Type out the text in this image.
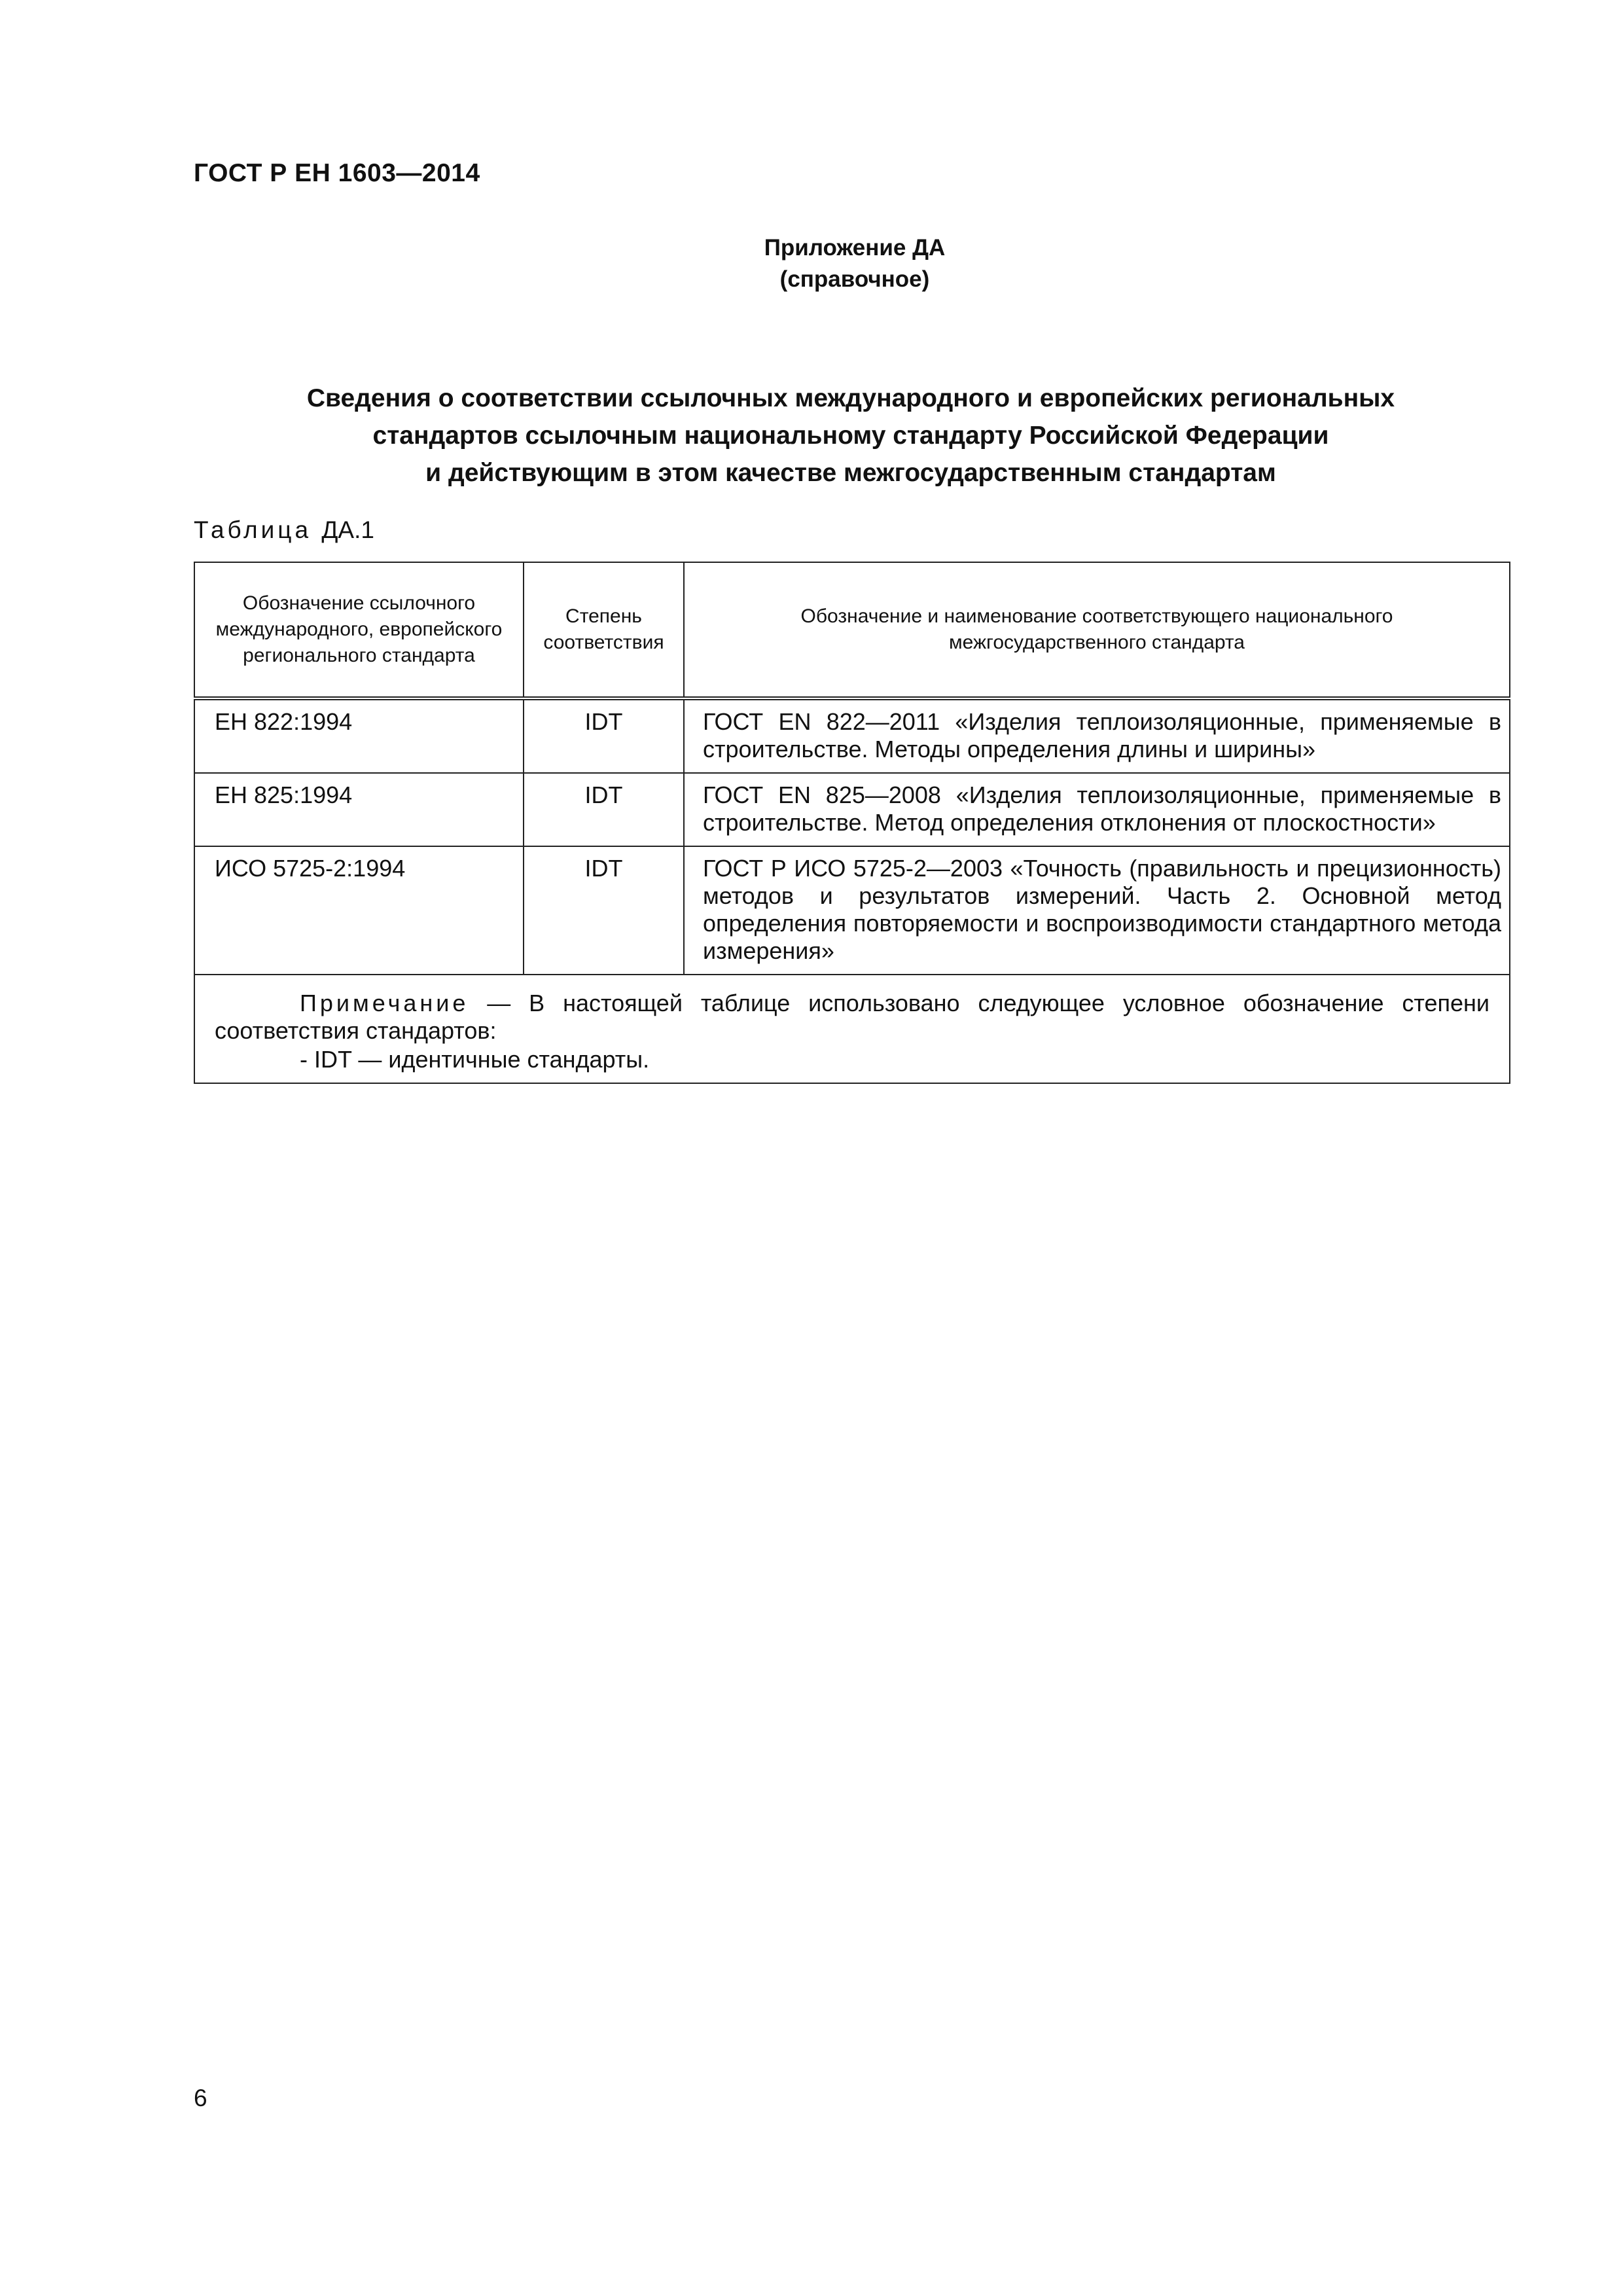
ГОСТ Р ЕН 1603—2014
Приложение ДА
(справочное)
Сведения о соответствии ссылочных международного и европейских региональных
стандартов ссылочным национальному стандарту Российской Федерации
и действующим в этом качестве межгосударственным стандартам
Таблица ДА.1
Обозначение ссылочного международного, европейского регионального стандарта	Степень соответствия	Обозначение и наименование соответствующего национального межгосударственного стандарта
ЕН 822:1994	IDT	ГОСТ EN 822—2011 «Изделия теплоизоляционные, применяемые в строительстве. Методы определения длины и ширины»
ЕН 825:1994	IDT	ГОСТ EN 825—2008 «Изделия теплоизоляционные, применяемые в строительстве. Метод определения отклонения от плоскостности»
ИСО 5725-2:1994	IDT	ГОСТ Р ИСО 5725-2—2003 «Точность (правильность и прецизионность) методов и результатов измерений. Часть 2. Основной метод определения повторяемости и воспроизводимости стандартного метода измерения»

Примечание — В настоящей таблице использовано следующее условное обозначение степени соответствия стандартов:
- IDT — идентичные стандарты.		
6
